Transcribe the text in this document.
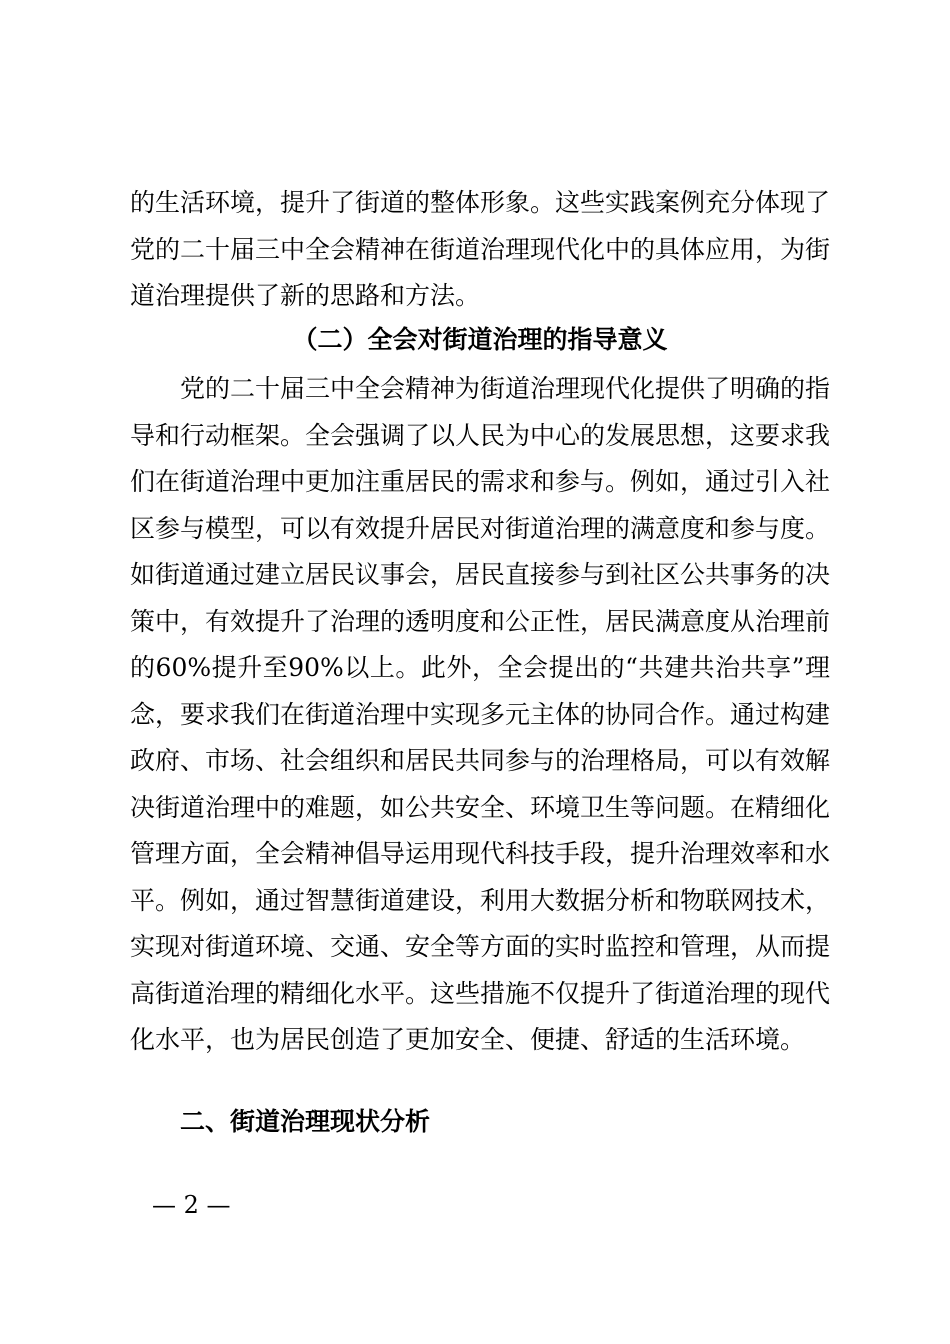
的生活环境，提升了街道的整体形象。这些实践案例充分体现了党的二十届三中全会精神在街道治理现代化中的具体应用，为街道治理提供了新的思路和方法。
（二）全会对街道治理的指导意义
党的二十届三中全会精神为街道治理现代化提供了明确的指导和行动框架。全会强调了以人民为中心的发展思想，这要求我们在街道治理中更加注重居民的需求和参与。例如，通过引入社区参与模型，可以有效提升居民对街道治理的满意度和参与度。如街道通过建立居民议事会，居民直接参与到社区公共事务的决策中，有效提升了治理的透明度和公正性，居民满意度从治理前的60%提升至90%以上。此外，全会提出的“共建共治共享”理念，要求我们在街道治理中实现多元主体的协同合作。通过构建政府、市场、社会组织和居民共同参与的治理格局，可以有效解决街道治理中的难题，如公共安全、环境卫生等问题。在精细化管理方面，全会精神倡导运用现代科技手段，提升治理效率和水平。例如，通过智慧街道建设，利用大数据分析和物联网技术，实现对街道环境、交通、安全等方面的实时监控和管理，从而提高街道治理的精细化水平。这些措施不仅提升了街道治理的现代化水平，也为居民创造了更加安全、便捷、舒适的生活环境。
二、街道治理现状分析
— 2 —
